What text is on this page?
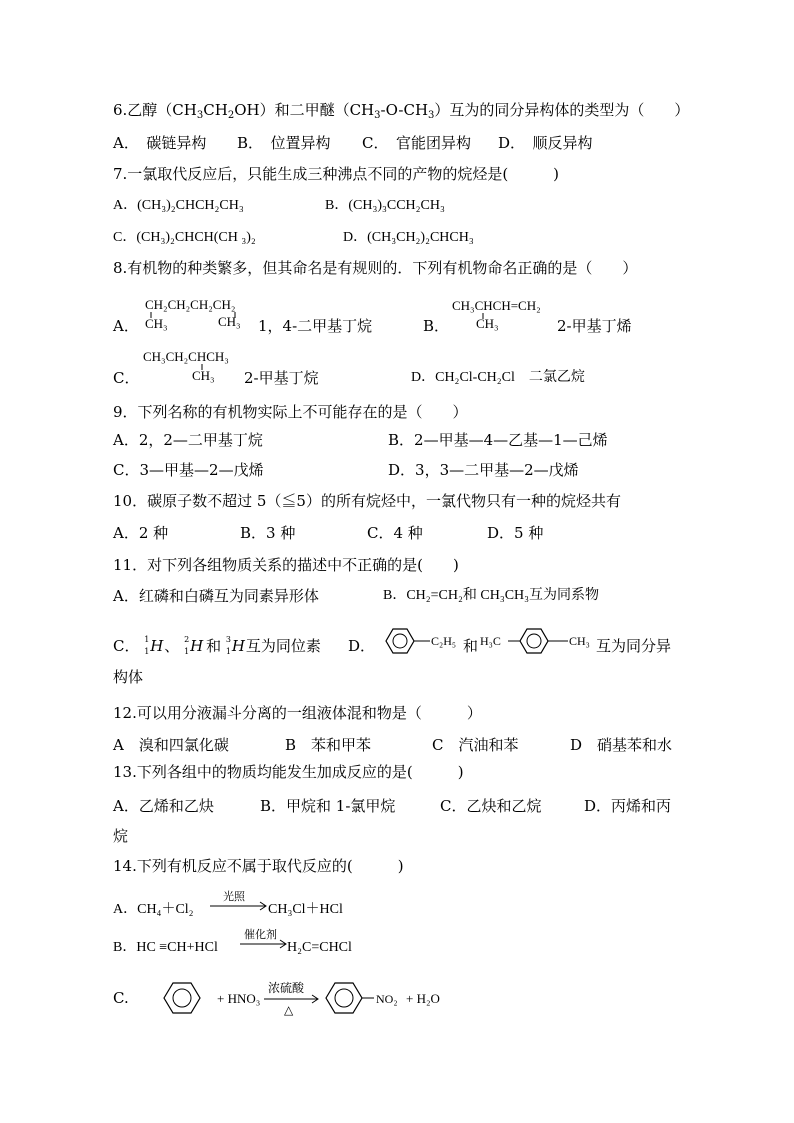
6.乙醇$(CH_3CH_2OH)$和二甲醚$(CH_3-O-CH_3)$互为的同分异构体的类型为（　　）
A．　碳链异构 B．　位置异构 C．　官能团异构 D．　顺反异构
7.一氯取代反应后，只能生成三种沸点不同的产物的烷烃是(　　　)
A．(CH₃)₂CHCH₂CH₃	B．(CH₃)₃CCH₂CH₃
C．(CH₃)₂CHCH(CH ₃)₂	D．(CH₃CH₂)₂CHCH₃
8.有机物的种类繁多，但其命名是有规则的．下列有机物命名正确的是（　　）
A．
CH₂CH₂CH₂CH₂
CH₃	CH₃ 1，4-二甲基丁烷	B．
CH₃CHCH=CH₂
CH₃	2-甲基丁烯
C．
CH₃CH₂CHCH₃
CH₃ 2-甲基丁烷	D．CH₂Cl-CH₂Cl　二氯乙烷
9．下列名称的有机物实际上不可能存在的是（　　）
A．2，2—二甲基丁烷	B．2—甲基—4—乙基—1—己烯
C．3—甲基—2—戊烯	D．3，3—二甲基—2—戊烯
10．碳原子数不超过 5（≦5）的所有烷烃中，一氯代物只有一种的烷烃共有
A．2 种	B．3 种	C．4 种	D．5 种
11．对下列各组物质关系的描述中不正确的是(　　)
A．红磷和白磷互为同素异形体	B．CH₂=CH₂和 CH₃CH₃互为同系物
C． 1
1 H、 2
1 H 和 3
1 H互为同位素 D．	C₂H₅ 和 H₃C	CH₃ 互为同分异
构体
12.可以用分液漏斗分离的一组液体混和物是（　　　）
A　溴和四氯化碳	B　苯和甲苯	C　汽油和苯	D　硝基苯和水
13.下列各组中的物质均能发生加成反应的是(　　　)
A．乙烯和乙炔	B．甲烷和 1-氯甲烷	C．乙炔和乙烷	D．丙烯和丙
烷
14.下列有机反应不属于取代反应的(　　　)
A．CH₄＋Cl₂
光照
CH₃Cl＋HCl
B．HC ≡CH+HCl
催化剂
H₂C=CHCl
C.	+ HNO₃
浓硫酸
△
NO₂ + H₂O
